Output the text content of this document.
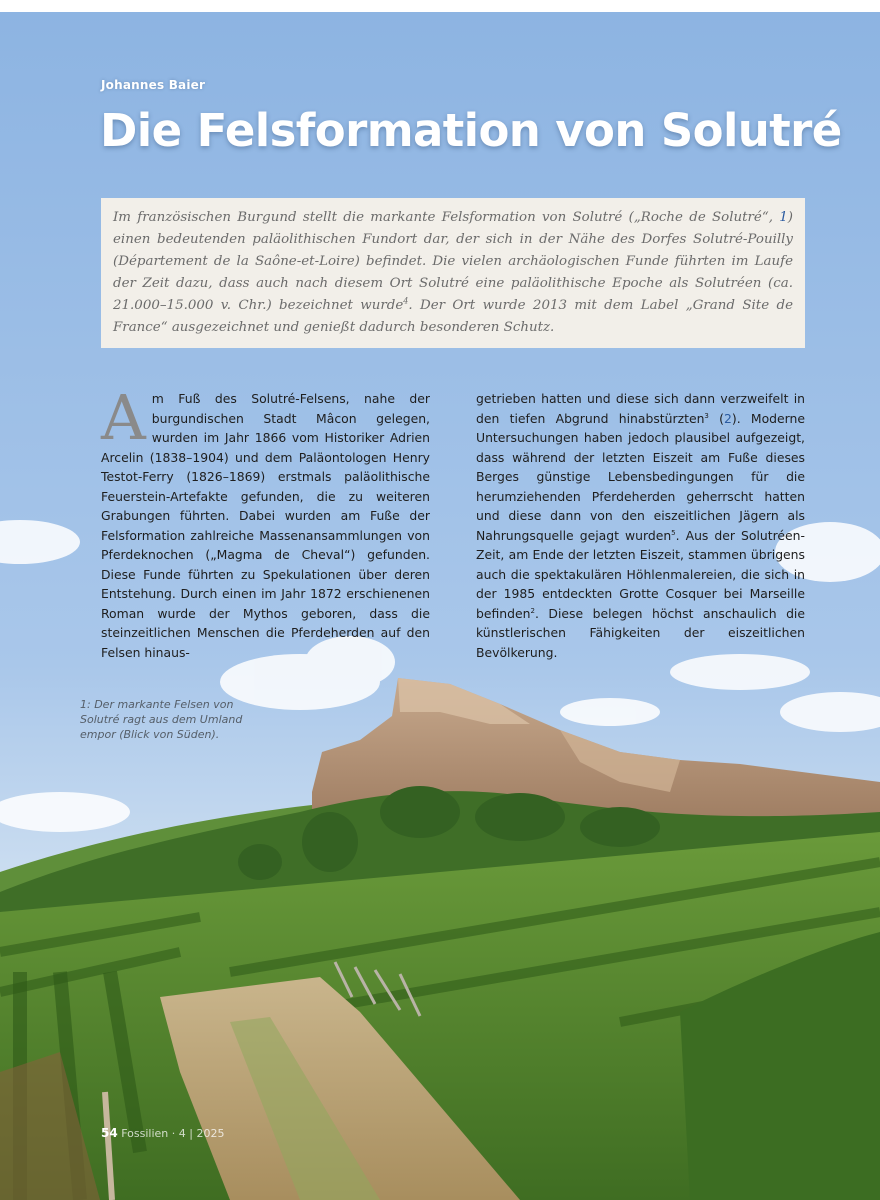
Johannes Baier
Die Felsformation von Solutré

Im französischen Burgund stellt die markante Felsformation von Solutré („Roche de Solutré“, 1) einen bedeutenden paläolithischen Fundort dar, der sich in der Nähe des Dorfes Solutré-Pouilly (Département de la Saône-et-Loire) befindet. Die vielen archäologischen Funde führten im Laufe der Zeit dazu, dass auch nach diesem Ort Solutré eine paläolithische Epoche als Solutréen (ca. 21.000–15.000 v. Chr.) bezeichnet wurde$^4$. Der Ort wurde 2013 mit dem Label „Grand Site de France“ ausgezeichnet und genießt dadurch besonderen Schutz.

Am Fuß des Solutré-Felsens, nahe der burgundischen Stadt Mâcon gelegen, wurden im Jahr 1866 vom Historiker Adrien Arcelin (1838–1904) und dem Paläontologen Henry Testot-Ferry (1826–1869) erstmals paläolithische Feuerstein-Artefakte gefunden, die zu weiteren Grabungen führten. Dabei wurden am Fuße der Felsformation zahlreiche Massenansammlungen von Pferdeknochen („Magma de Cheval“) gefunden. Diese Funde führten zu Spekulationen über deren Entstehung. Durch einen im Jahr 1872 erschienenen Roman wurde der Mythos geboren, dass die steinzeitlichen Menschen die Pferdeherden auf den Felsen hinaus-

getrieben hatten und diese sich dann verzweifelt in den tiefen Abgrund hinabstürzten$^3$ (2). Moderne Untersuchungen haben jedoch plausibel aufgezeigt, dass während der letzten Eiszeit am Fuße dieses Berges günstige Lebensbedingungen für die herumziehenden Pferdeherden geherrscht hatten und diese dann von den eiszeitlichen Jägern als Nahrungsquelle gejagt wurden$^5$. Aus der Solutréen-Zeit, am Ende der letzten Eiszeit, stammen übrigens auch die spektakulären Höhlenmalereien, die sich in der 1985 entdeckten Grotte Cosquer bei Marseille befinden$^2$. Diese belegen höchst anschaulich die künstlerischen Fähigkeiten der eiszeitlichen Bevölkerung.

1: Der markante Felsen von Solutré ragt aus dem Umland empor (Blick von Süden).

54 Fossilien · 4 | 2025
